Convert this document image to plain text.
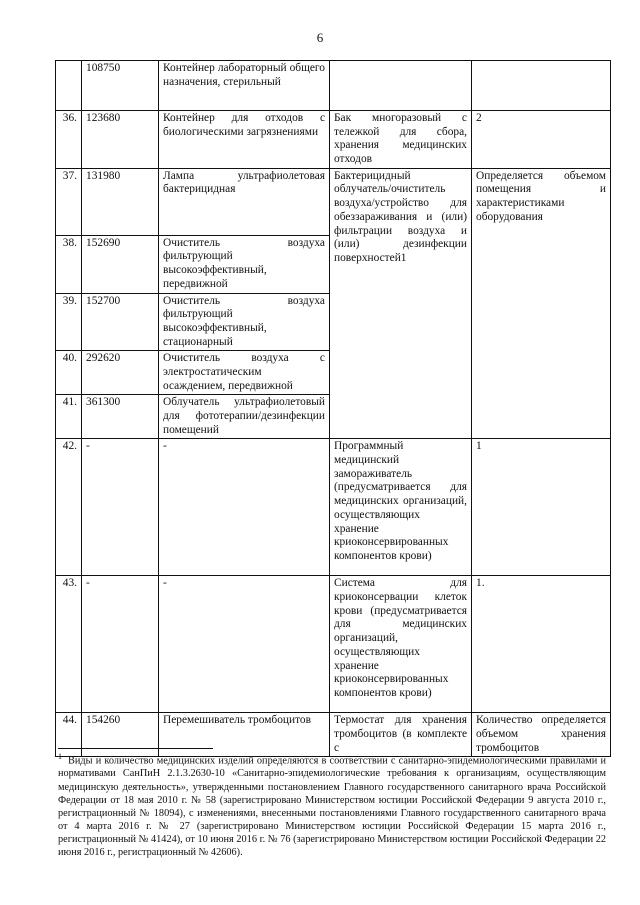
6
	108750	Контейнер лабораторный общего назначения, стерильный		
36.	123680	Контейнер для отходов с биологическими загрязнениями	Бак многоразовый с тележкой для сбора, хранения медицинских отходов	2
37.	131980	Лампа ультрафиолетовая бактерицидная	Бактерицидный облучатель/очиститель воздуха/устройство для обеззараживания и (или) фильтрации воздуха и (или) дезинфекции поверхностей1	Определяется объемом помещения и характеристиками оборудования
38.	152690	Очиститель воздуха фильтрующий высокоэффективный, передвижной		
39.	152700	Очиститель воздуха фильтрующий высокоэффективный, стационарный		
40.	292620	Очиститель воздуха с электростатическим осаждением, передвижной		
41.	361300	Облучатель ультрафиолетовый для фототерапии/дезинфекции помещений		
42.	-	-	Программный медицинский замораживатель (предусматривается для медицинских организаций, осуществляющих хранение криоконсервированных компонентов крови)	1
43.	-	-	Система для криоконсервации клеток крови (предусматривается для медицинских организаций, осуществляющих хранение криоконсервированных компонентов крови)	1.
44.	154260	Перемешиватель тромбоцитов	Термостат для хранения тромбоцитов (в комплекте с	Количество определяется объемом хранения тромбоцитов
$^1$ Виды и количество медицинских изделий определяются в соответствии с санитарно-эпидемиологическими правилами и нормативами СанПиН 2.1.3.2630-10 «Санитарно-эпидемиологические требования к организациям, осуществляющим медицинскую деятельность», утвержденными постановлением Главного государственного санитарного врача Российской Федерации от 18 мая 2010 г. № 58 (зарегистрировано Министерством юстиции Российской Федерации 9 августа 2010 г., регистрационный № 18094), с изменениями, внесенными постановлениями Главного государственного санитарного врача от 4 марта 2016 г. № 27 (зарегистрировано Министерством юстиции Российской Федерации 15 марта 2016 г., регистрационный № 41424), от 10 июня 2016 г. № 76 (зарегистрировано Министерством юстиции Российской Федерации 22 июня 2016 г., регистрационный № 42606).
